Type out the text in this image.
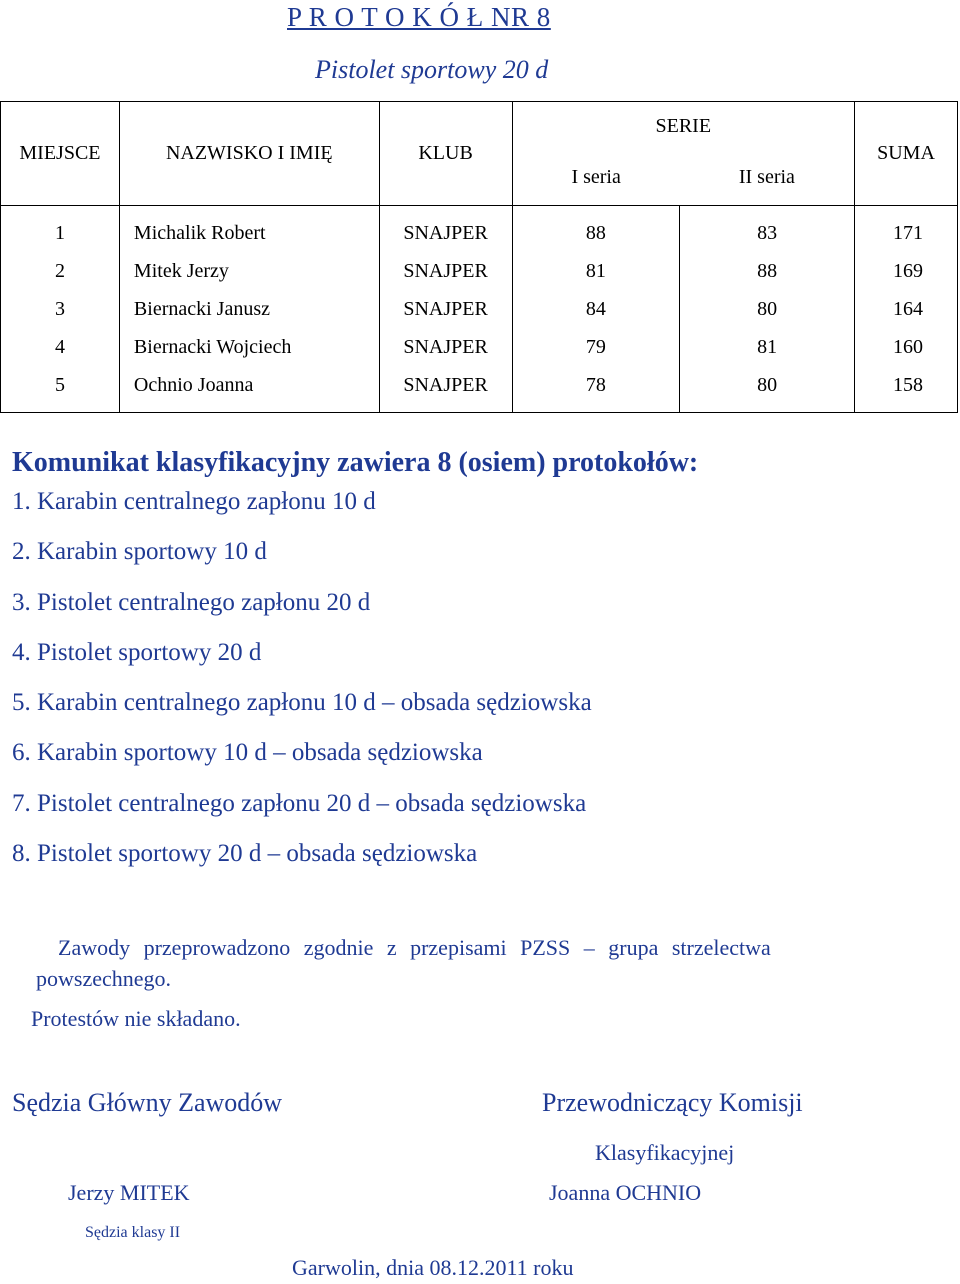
P R O T O K Ó Ł NR 8
Pistolet sportowy 20 d
MIEJSCE	NAZWISKO I IMIĘ	KLUB	SERIE		SUMA
			I seria	II seria	
1	Michalik Robert	SNAJPER	88	83	171
2	Mitek Jerzy	SNAJPER	81	88	169
3	Biernacki Janusz	SNAJPER	84	80	164
4	Biernacki Wojciech	SNAJPER	79	81	160
5	Ochnio Joanna	SNAJPER	78	80	158
Komunikat klasyfikacyjny zawiera 8 (osiem) protokołów:
1. Karabin centralnego zapłonu 10 d
2. Karabin sportowy 10 d
3. Pistolet centralnego zapłonu 20 d
4. Pistolet sportowy 20 d
5. Karabin centralnego zapłonu 10 d – obsada sędziowska
6. Karabin sportowy 10 d – obsada sędziowska
7. Pistolet centralnego zapłonu 20 d – obsada sędziowska
8. Pistolet sportowy 20 d – obsada sędziowska
Zawody przeprowadzono zgodnie z przepisami PZSS – grupa strzelectwa
powszechnego.
Protestów nie składano.
Sędzia Główny Zawodów	Przewodniczący Komisji
Klasyfikacyjnej
Jerzy MITEK	Joanna OCHNIO
Sędzia klasy II
Garwolin, dnia 08.12.2011 roku
